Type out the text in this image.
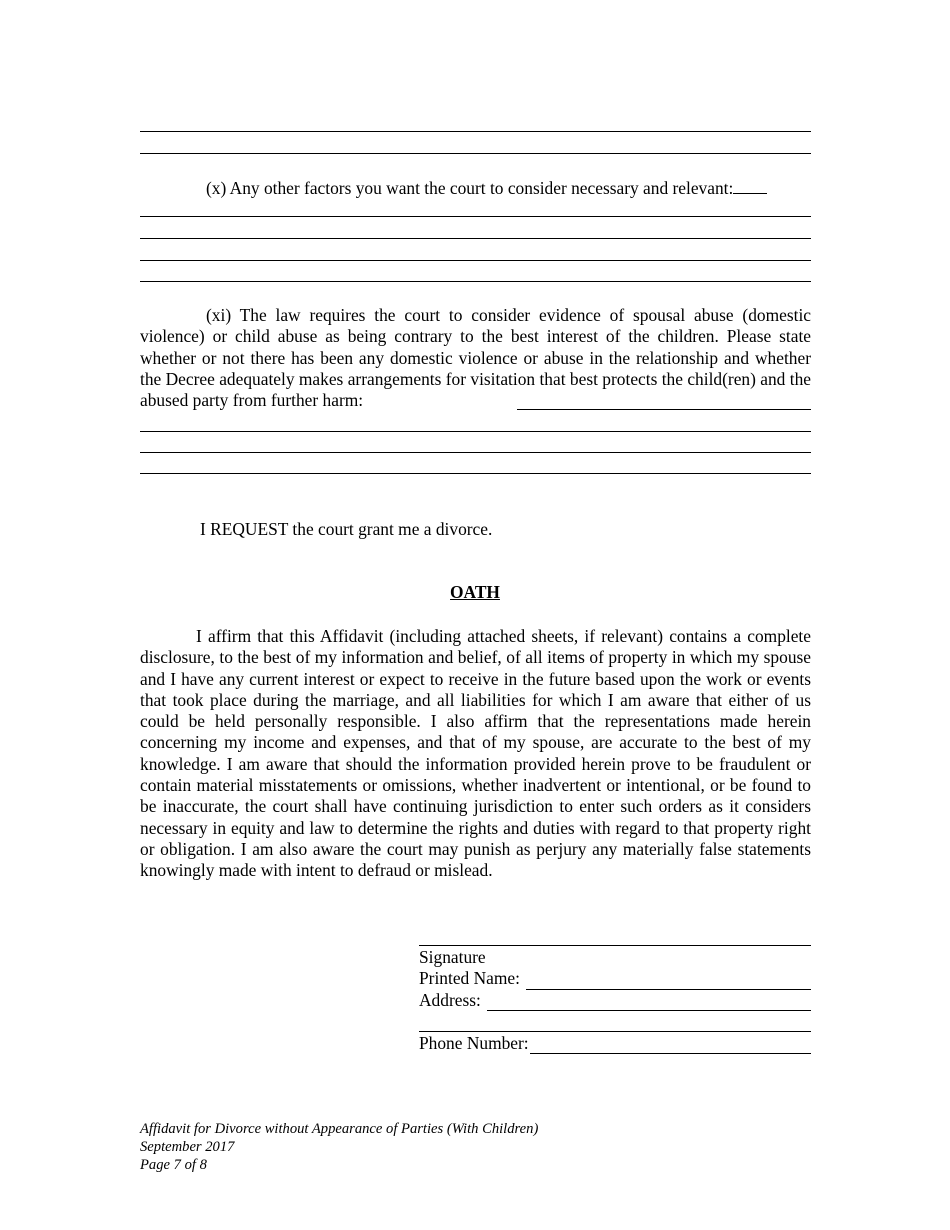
(x) Any other factors you want the court to consider necessary and relevant:
(xi) The law requires the court to consider evidence of spousal abuse (domestic violence) or child abuse as being contrary to the best interest of the children. Please state whether or not there has been any domestic violence or abuse in the relationship and whether the Decree adequately makes arrangements for visitation that best protects the child(ren) and the abused party from further harm:
I REQUEST the court grant me a divorce.
OATH
I affirm that this Affidavit (including attached sheets, if relevant) contains a complete disclosure, to the best of my information and belief, of all items of property in which my spouse and I have any current interest or expect to receive in the future based upon the work or events that took place during the marriage, and all liabilities for which I am aware that either of us could be held personally responsible. I also affirm that the representations made herein concerning my income and expenses, and that of my spouse, are accurate to the best of my knowledge. I am aware that should the information provided herein prove to be fraudulent or contain material misstatements or omissions, whether inadvertent or intentional, or be found to be inaccurate, the court shall have continuing jurisdiction to enter such orders as it considers necessary in equity and law to determine the rights and duties with regard to that property right or obligation. I am also aware the court may punish as perjury any materially false statements knowingly made with intent to defraud or mislead.
Signature
Printed Name:
Address:
Phone Number:
Affidavit for Divorce without Appearance of Parties (With Children)
September 2017
Page 7 of 8
